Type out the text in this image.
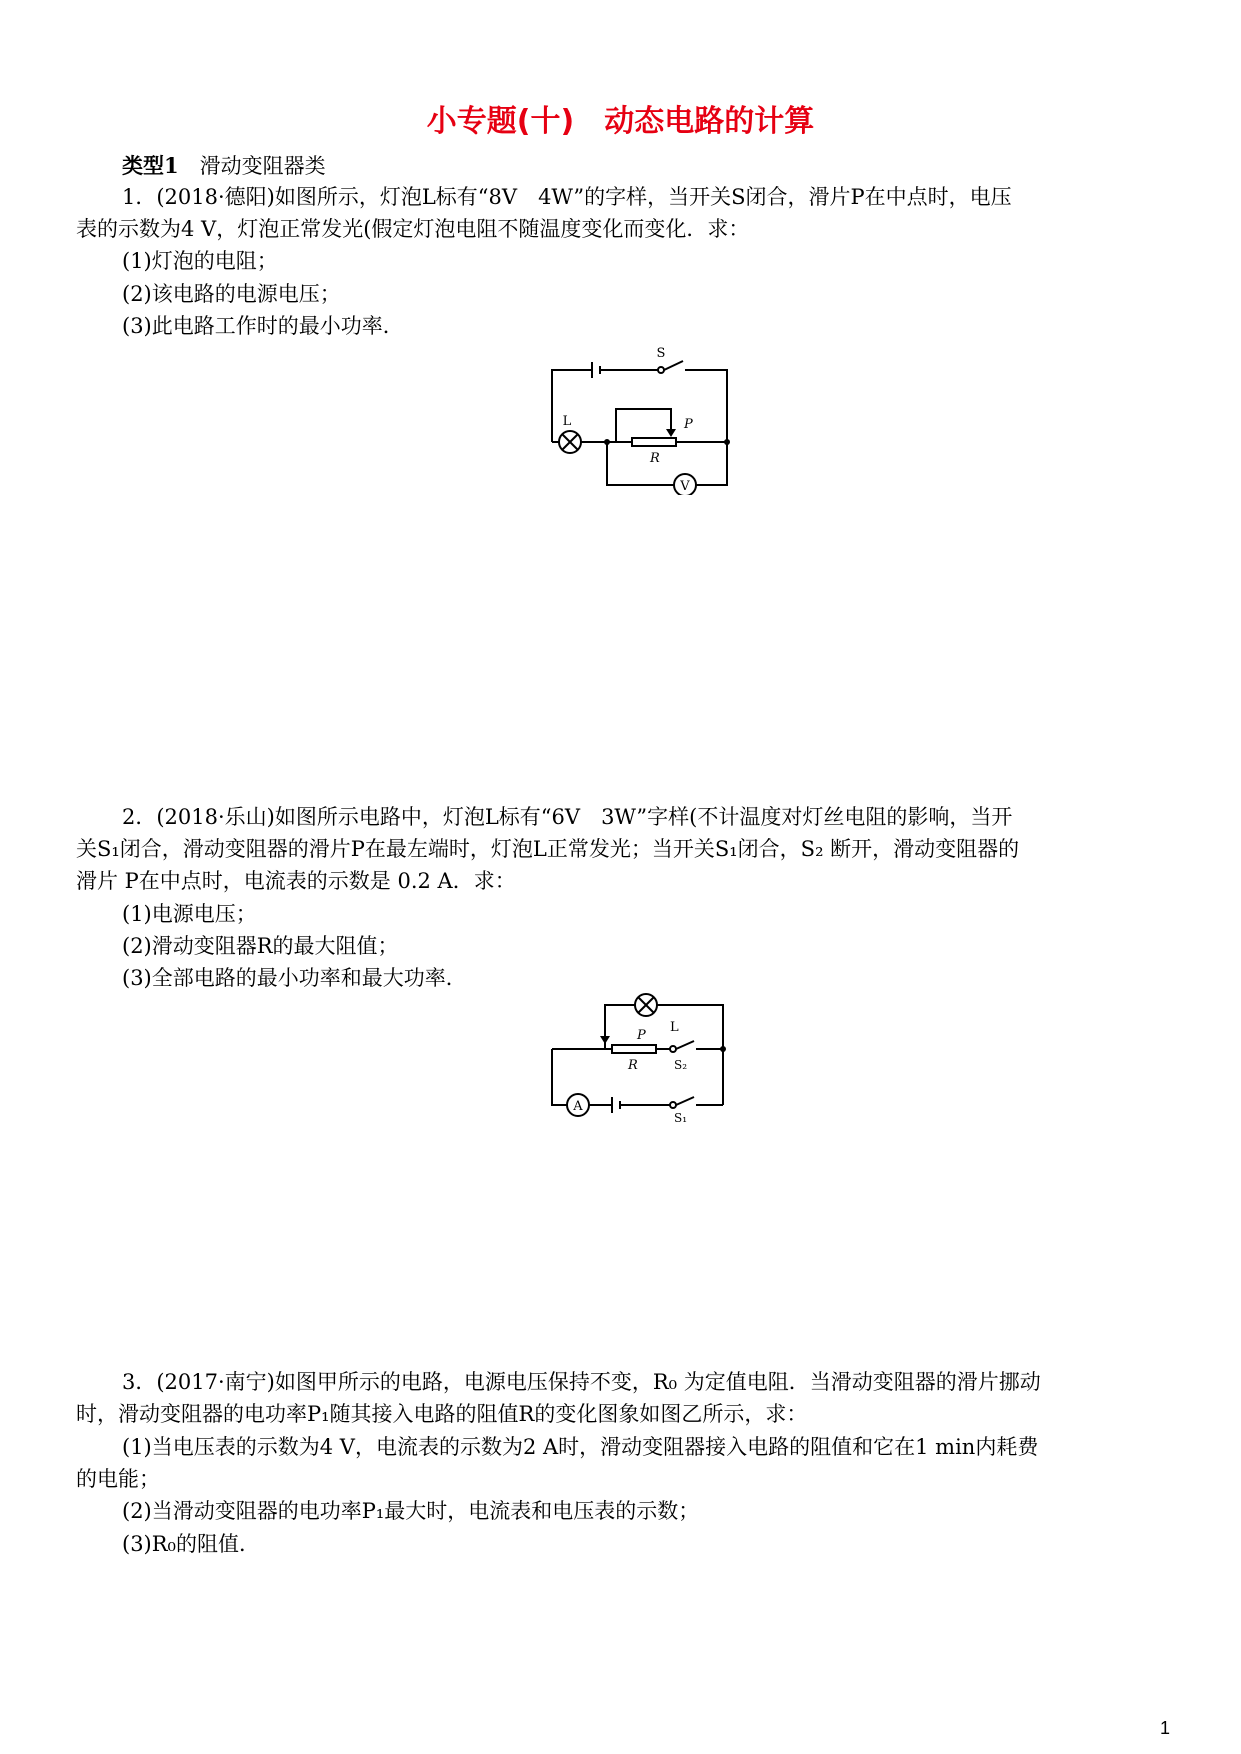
小专题(十)　动态电路的计算
类型1　 滑动变阻器类
1．(2018·德阳)如图所示，灯泡L标有“8V　4W”的字样，当开关S闭合，滑片P在中点时，电压
表的示数为4 V，灯泡正常发光(假定灯泡电阻不随温度变化而变化．求：
(1)灯泡的电阻；
(2)该电路的电源电压；
(3)此电路工作时的最小功率．
S
L	P
R
V
2．(2018·乐山)如图所示电路中，灯泡L标有“6V　3W”字样(不计温度对灯丝电阻的影响，当开
关S₁闭合，滑动变阻器的滑片P在最左端时，灯泡L正常发光；当开关S₁闭合，S₂ 断开，滑动变阻器的
滑片 P在中点时，电流表的示数是 0.2 A．求：
(1)电源电压；
(2)滑动变阻器R的最大阻值；
(3)全部电路的最小功率和最大功率．
L
P
R	S₂
A
S₁
3．(2017·南宁)如图甲所示的电路，电源电压保持不变，R₀ 为定值电阻．当滑动变阻器的滑片挪动
时，滑动变阻器的电功率P₁随其接入电路的阻值R的变化图象如图乙所示，求：
(1)当电压表的示数为4 V，电流表的示数为2 A时，滑动变阻器接入电路的阻值和它在1 min内耗费
的电能；
(2)当滑动变阻器的电功率P₁最大时，电流表和电压表的示数；
(3)R₀的阻值．
1
